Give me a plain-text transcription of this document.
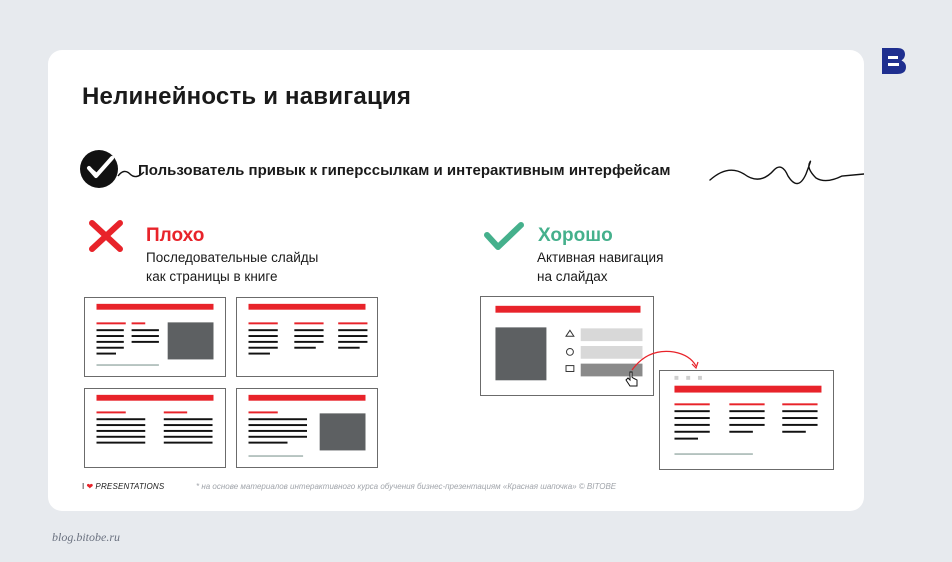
Нелинейность и навигация
Пользователь привык к гиперссылкам и интерактивным интерфейсам
Плохо
Последовательные слайды
как страницы в книге
Хорошо
Активная навигация
на слайдах
I ❤ PRESENTATIONS	* на основе материалов интерактивного курса обучения бизнес-презентациям «Красная шапочка» © BITOBE
blog.bitobe.ru
